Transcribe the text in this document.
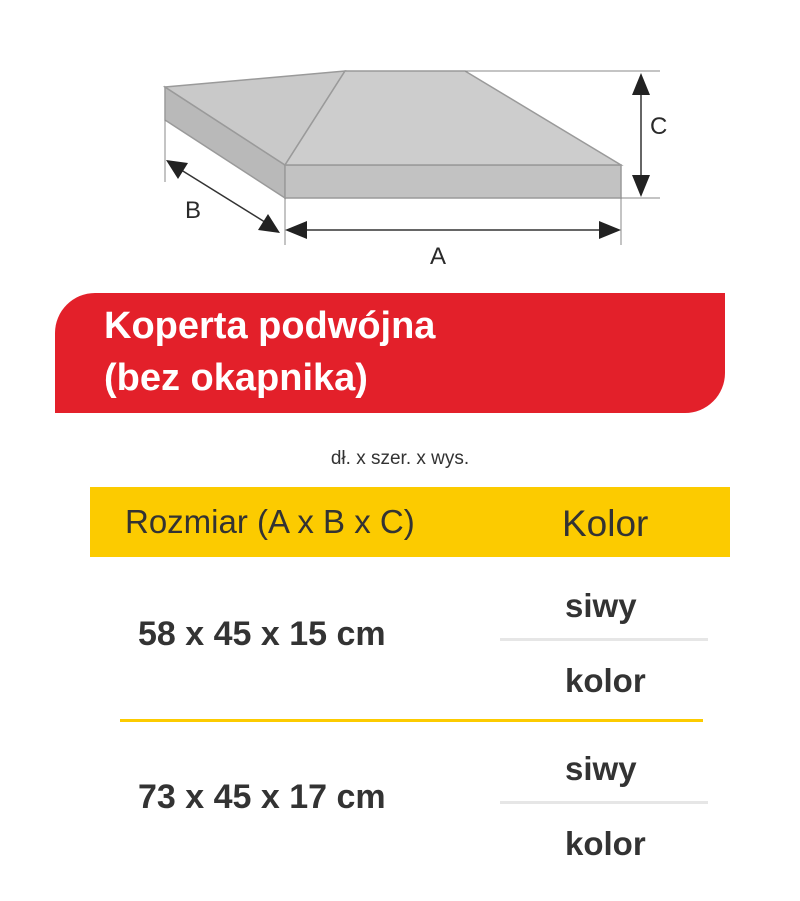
C
A
B
Koperta podwójna
(bez okapnika)
dł. x szer. x wys.
Rozmiar (A x B x C)	Kolor
58 x 45 x 15 cm
siwy
kolor
73 x 45 x 17 cm
siwy
kolor
